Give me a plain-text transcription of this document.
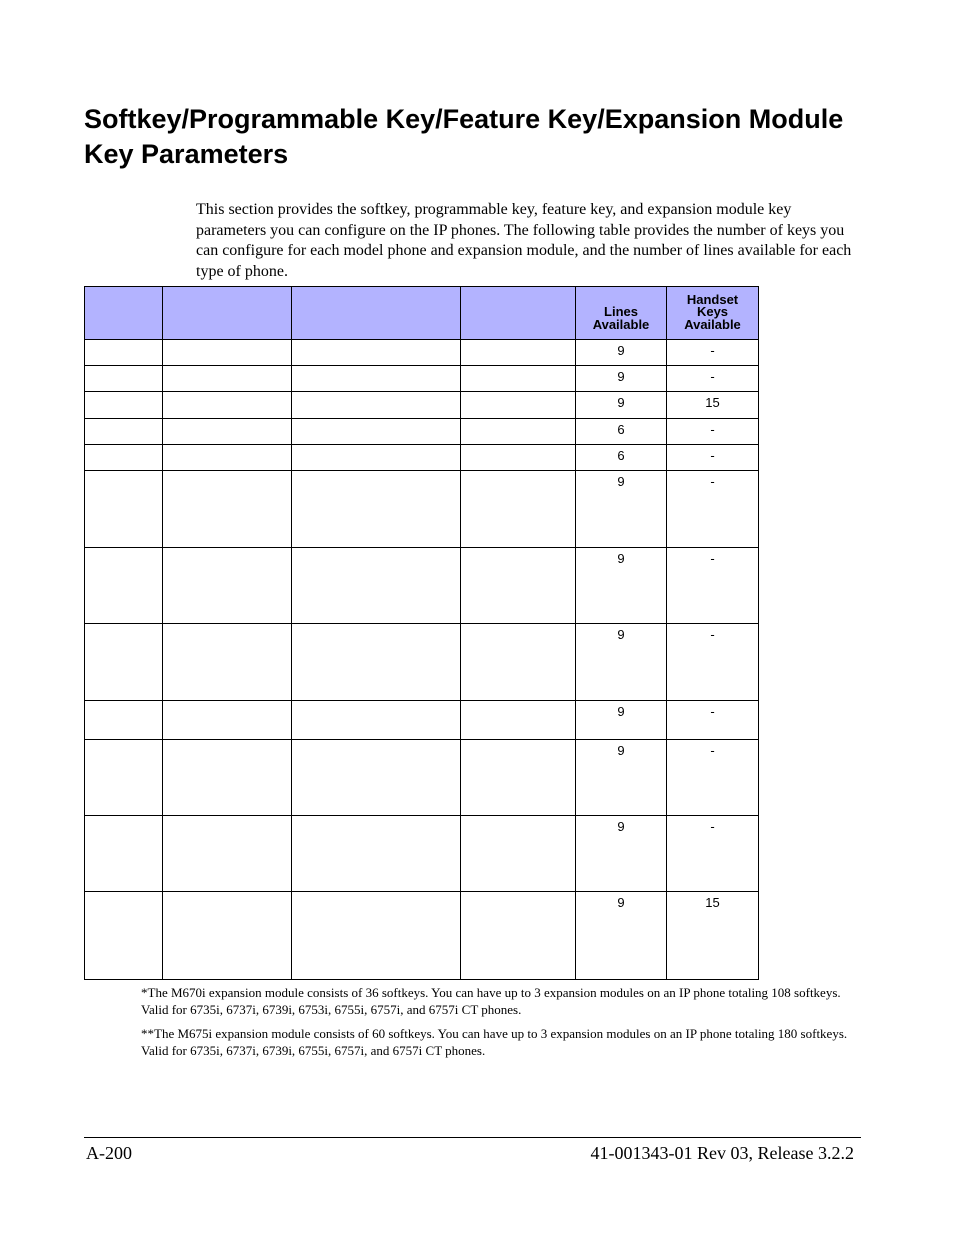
Softkey/Programmable Key/Feature Key/Expansion Module Key Parameters

This section provides the softkey, programmable key, feature key, and expansion module key parameters you can configure on the IP phones. The following table provides the number of keys you can configure for each model phone and expansion module, and the number of lines available for each type of phone.

				Lines Available	Handset Keys Available
				9	-
				9	-
				9	15
				6	-
				6	-
				9	-
				9	-
				9	-
				9	-
				9	-
				9	-
				9	15

*The M670i expansion module consists of 36 softkeys. You can have up to 3 expansion modules on an IP phone totaling 108 softkeys. Valid for 6735i, 6737i, 6739i, 6753i, 6755i, 6757i, and 6757i CT phones.

**The M675i expansion module consists of 60 softkeys. You can have up to 3 expansion modules on an IP phone totaling 180 softkeys. Valid for 6735i, 6737i, 6739i, 6755i, 6757i, and 6757i CT phones.

A-200	41-001343-01 Rev 03, Release 3.2.2
